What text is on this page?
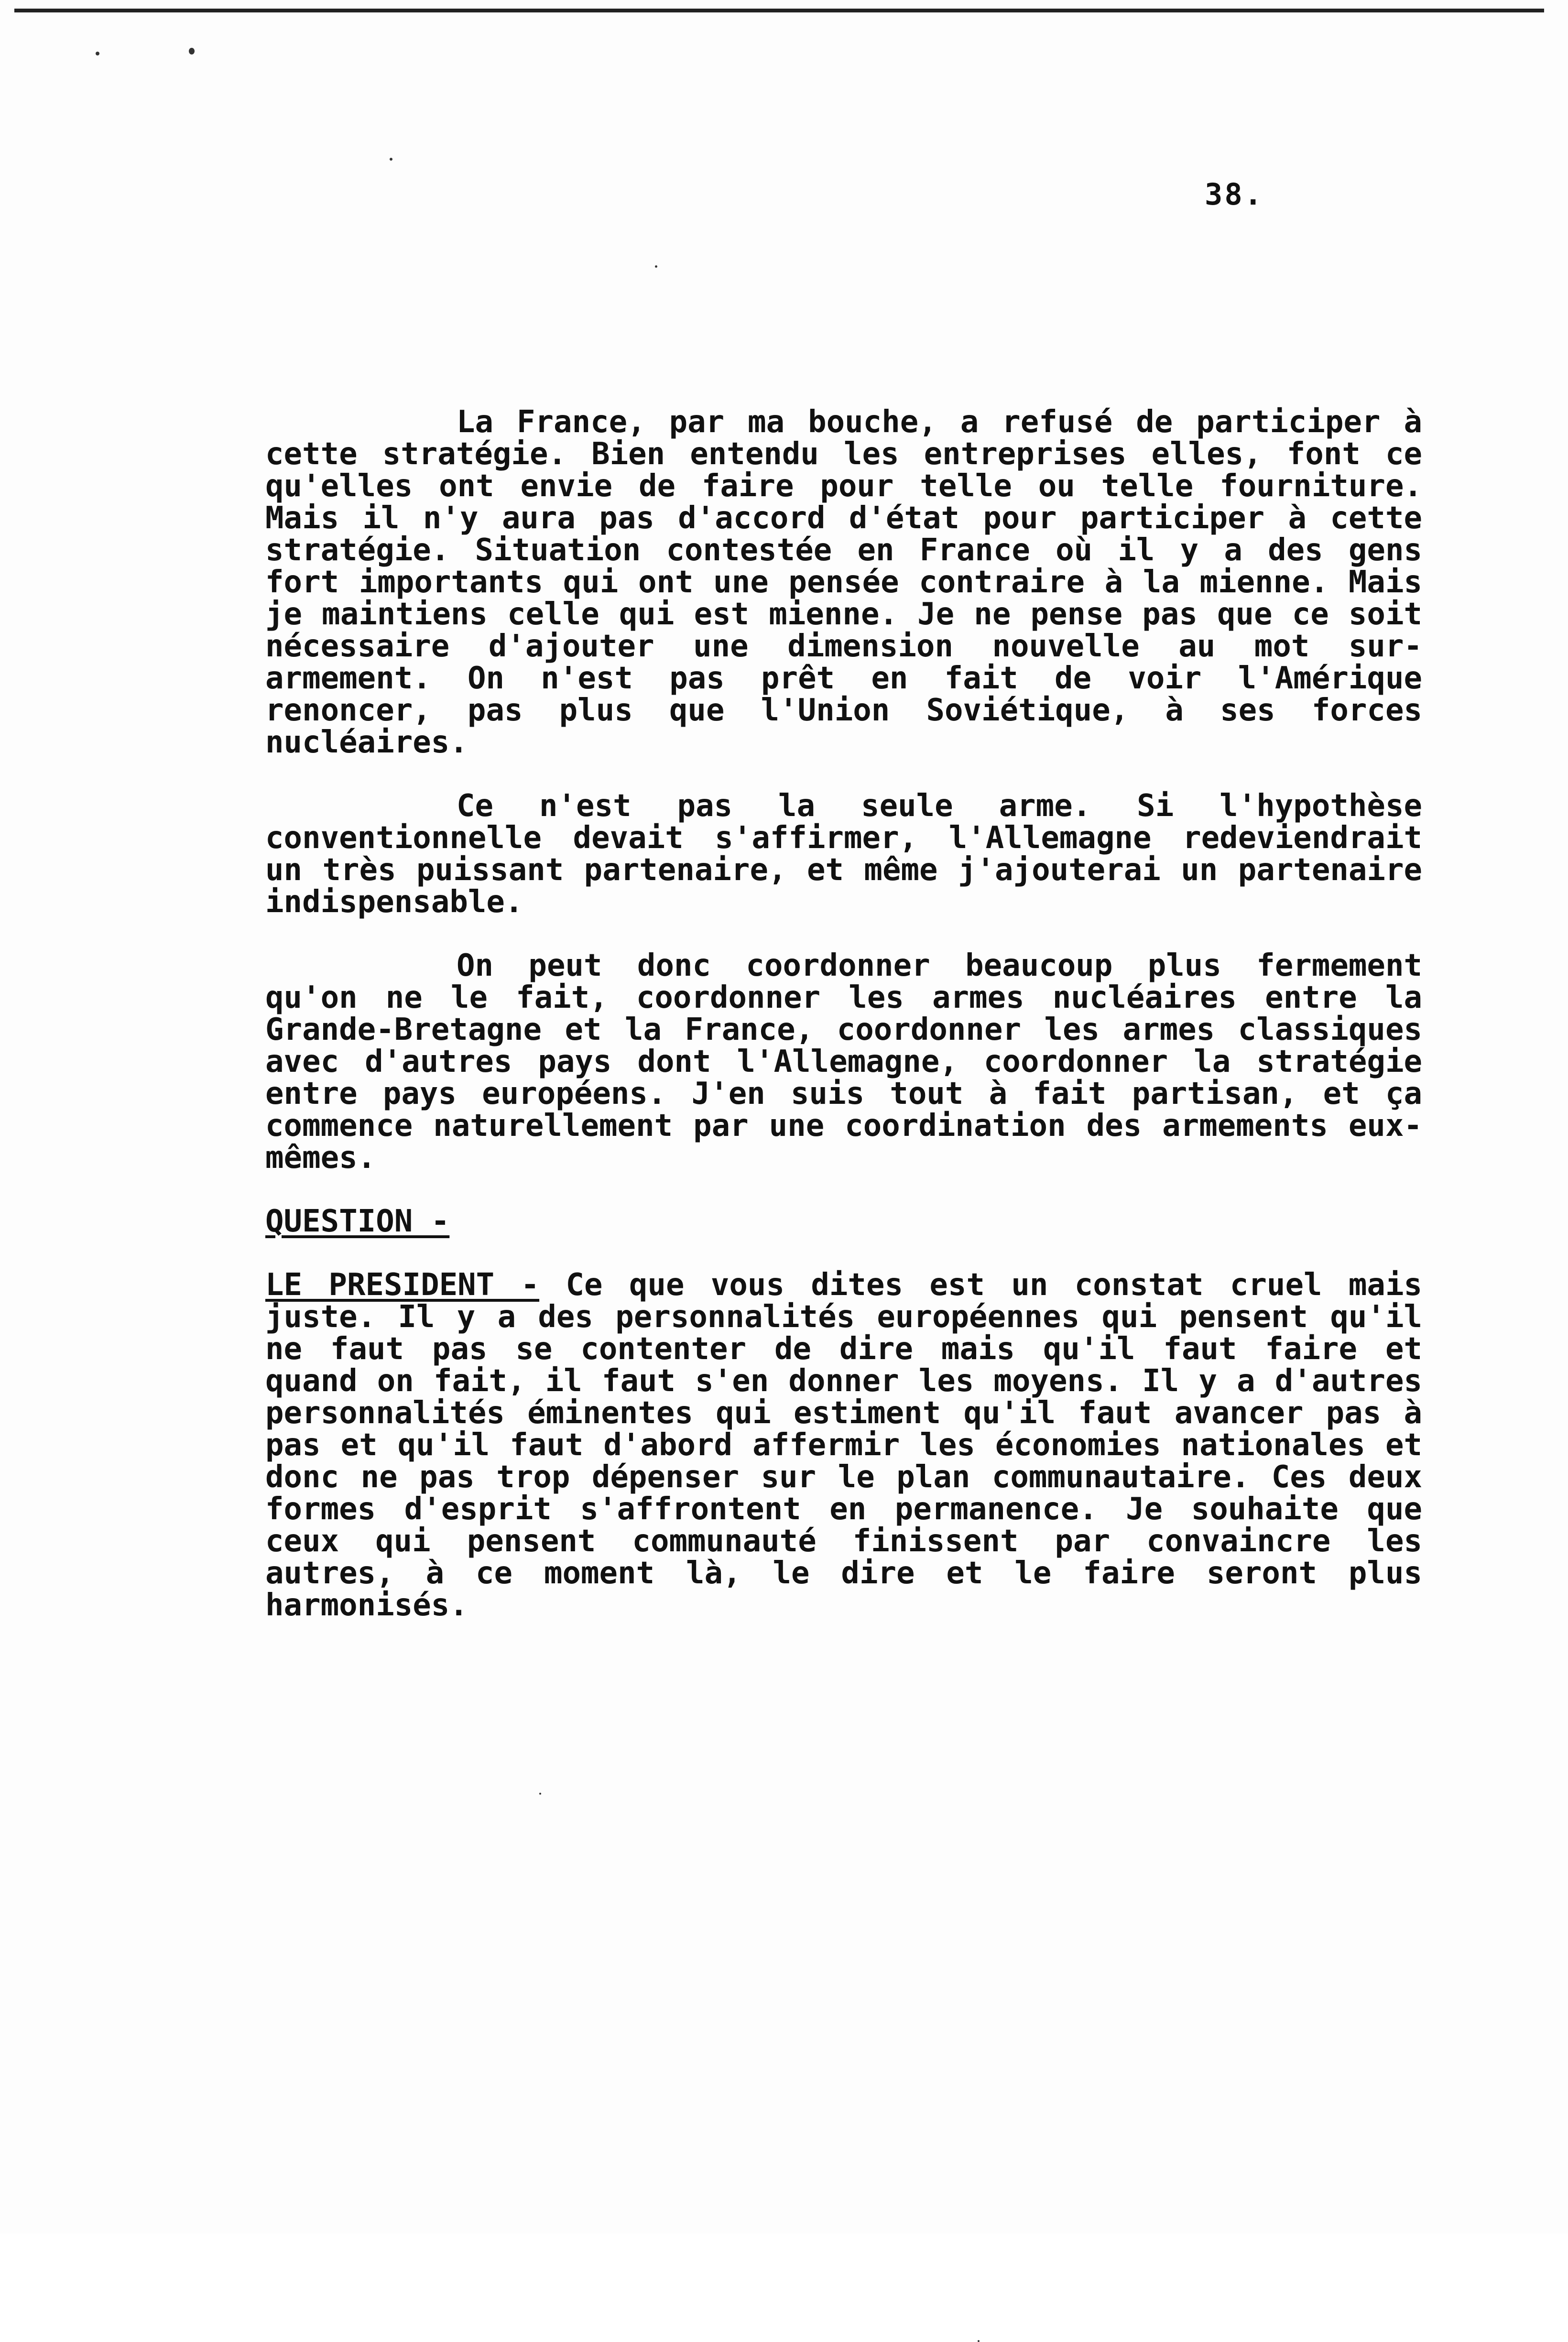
38.

La France, par ma bouche, a refusé de participer à cette stratégie. Bien entendu les entreprises elles, font ce qu'elles ont envie de faire pour telle ou telle fourniture. Mais il n'y aura pas d'accord d'état pour participer à cette stratégie. Situation contestée en France où il y a des gens fort importants qui ont une pensée contraire à la mienne. Mais je maintiens celle qui est mienne. Je ne pense pas que ce soit nécessaire d'ajouter une dimension nouvelle au mot sur-armement. On n'est pas prêt en fait de voir l'Amérique renoncer, pas plus que l'Union Soviétique, à ses forces nucléaires.

Ce n'est pas la seule arme. Si l'hypothèse conventionnelle devait s'affirmer, l'Allemagne redeviendrait un très puissant partenaire, et même j'ajouterai un partenaire indispensable.

On peut donc coordonner beaucoup plus fermement qu'on ne le fait, coordonner les armes nucléaires entre la Grande-Bretagne et la France, coordonner les armes classiques avec d'autres pays dont l'Allemagne, coordonner la stratégie entre pays européens. J'en suis tout à fait partisan, et ça commence naturellement par une coordination des armements eux-mêmes.

QUESTION -

LE PRESIDENT - Ce que vous dites est un constat cruel mais juste. Il y a des personnalités européennes qui pensent qu'il ne faut pas se contenter de dire mais qu'il faut faire et quand on fait, il faut s'en donner les moyens. Il y a d'autres personnalités éminentes qui estiment qu'il faut avancer pas à pas et qu'il faut d'abord affermir les économies nationales et donc ne pas trop dépenser sur le plan communautaire. Ces deux formes d'esprit s'affrontent en permanence. Je souhaite que ceux qui pensent communauté finissent par convaincre les autres, à ce moment là, le dire et le faire seront plus harmonisés.
